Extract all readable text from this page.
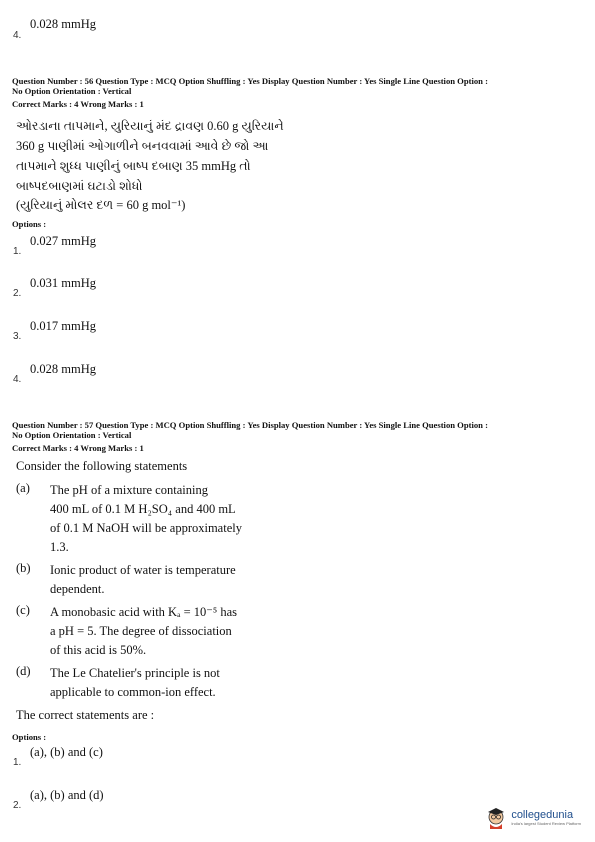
0.028 mmHg
4.
Question Number : 56 Question Type : MCQ Option Shuffling : Yes Display Question Number : Yes Single Line Question Option :
No Option Orientation : Vertical
Correct Marks : 4 Wrong Marks : 1
ઓરડાના તાપમાને, યુરિયાનું મંદ દ્રાવણ 0.60 g યુરિયાને
360 g પાણીમાં ઓગાળીને બનવવામાં આવે છે જો આ
તાપમાને શુધ્ધ પાણીનું બાષ્પ દબાણ 35 mmHg તો
બાષ્પદબાણમાં ઘટાડો શોધો
(યુરિયાનું મોલર દળ = 60 g mol⁻¹)
Options :
0.027 mmHg
1.
0.031 mmHg
2.
0.017 mmHg
3.
0.028 mmHg
4.
Question Number : 57 Question Type : MCQ Option Shuffling : Yes Display Question Number : Yes Single Line Question Option :
No Option Orientation : Vertical
Correct Marks : 4 Wrong Marks : 1
Consider the following statements
(a) The pH of a mixture containing
400 mL of 0.1 M H₂SO₄ and 400 mL
of 0.1 M NaOH will be approximately
1.3.
(b) Ionic product of water is temperature
dependent.
(c) A monobasic acid with Kₐ = 10⁻⁵ has
a pH = 5. The degree of dissociation
of this acid is 50%.
(d) The Le Chatelier's principle is not
applicable to common-ion effect.
The correct statements are :
Options :
(a), (b) and (c)
1.
(a), (b) and (d)
2.
collegedunia
India's largest Student Review Platform
